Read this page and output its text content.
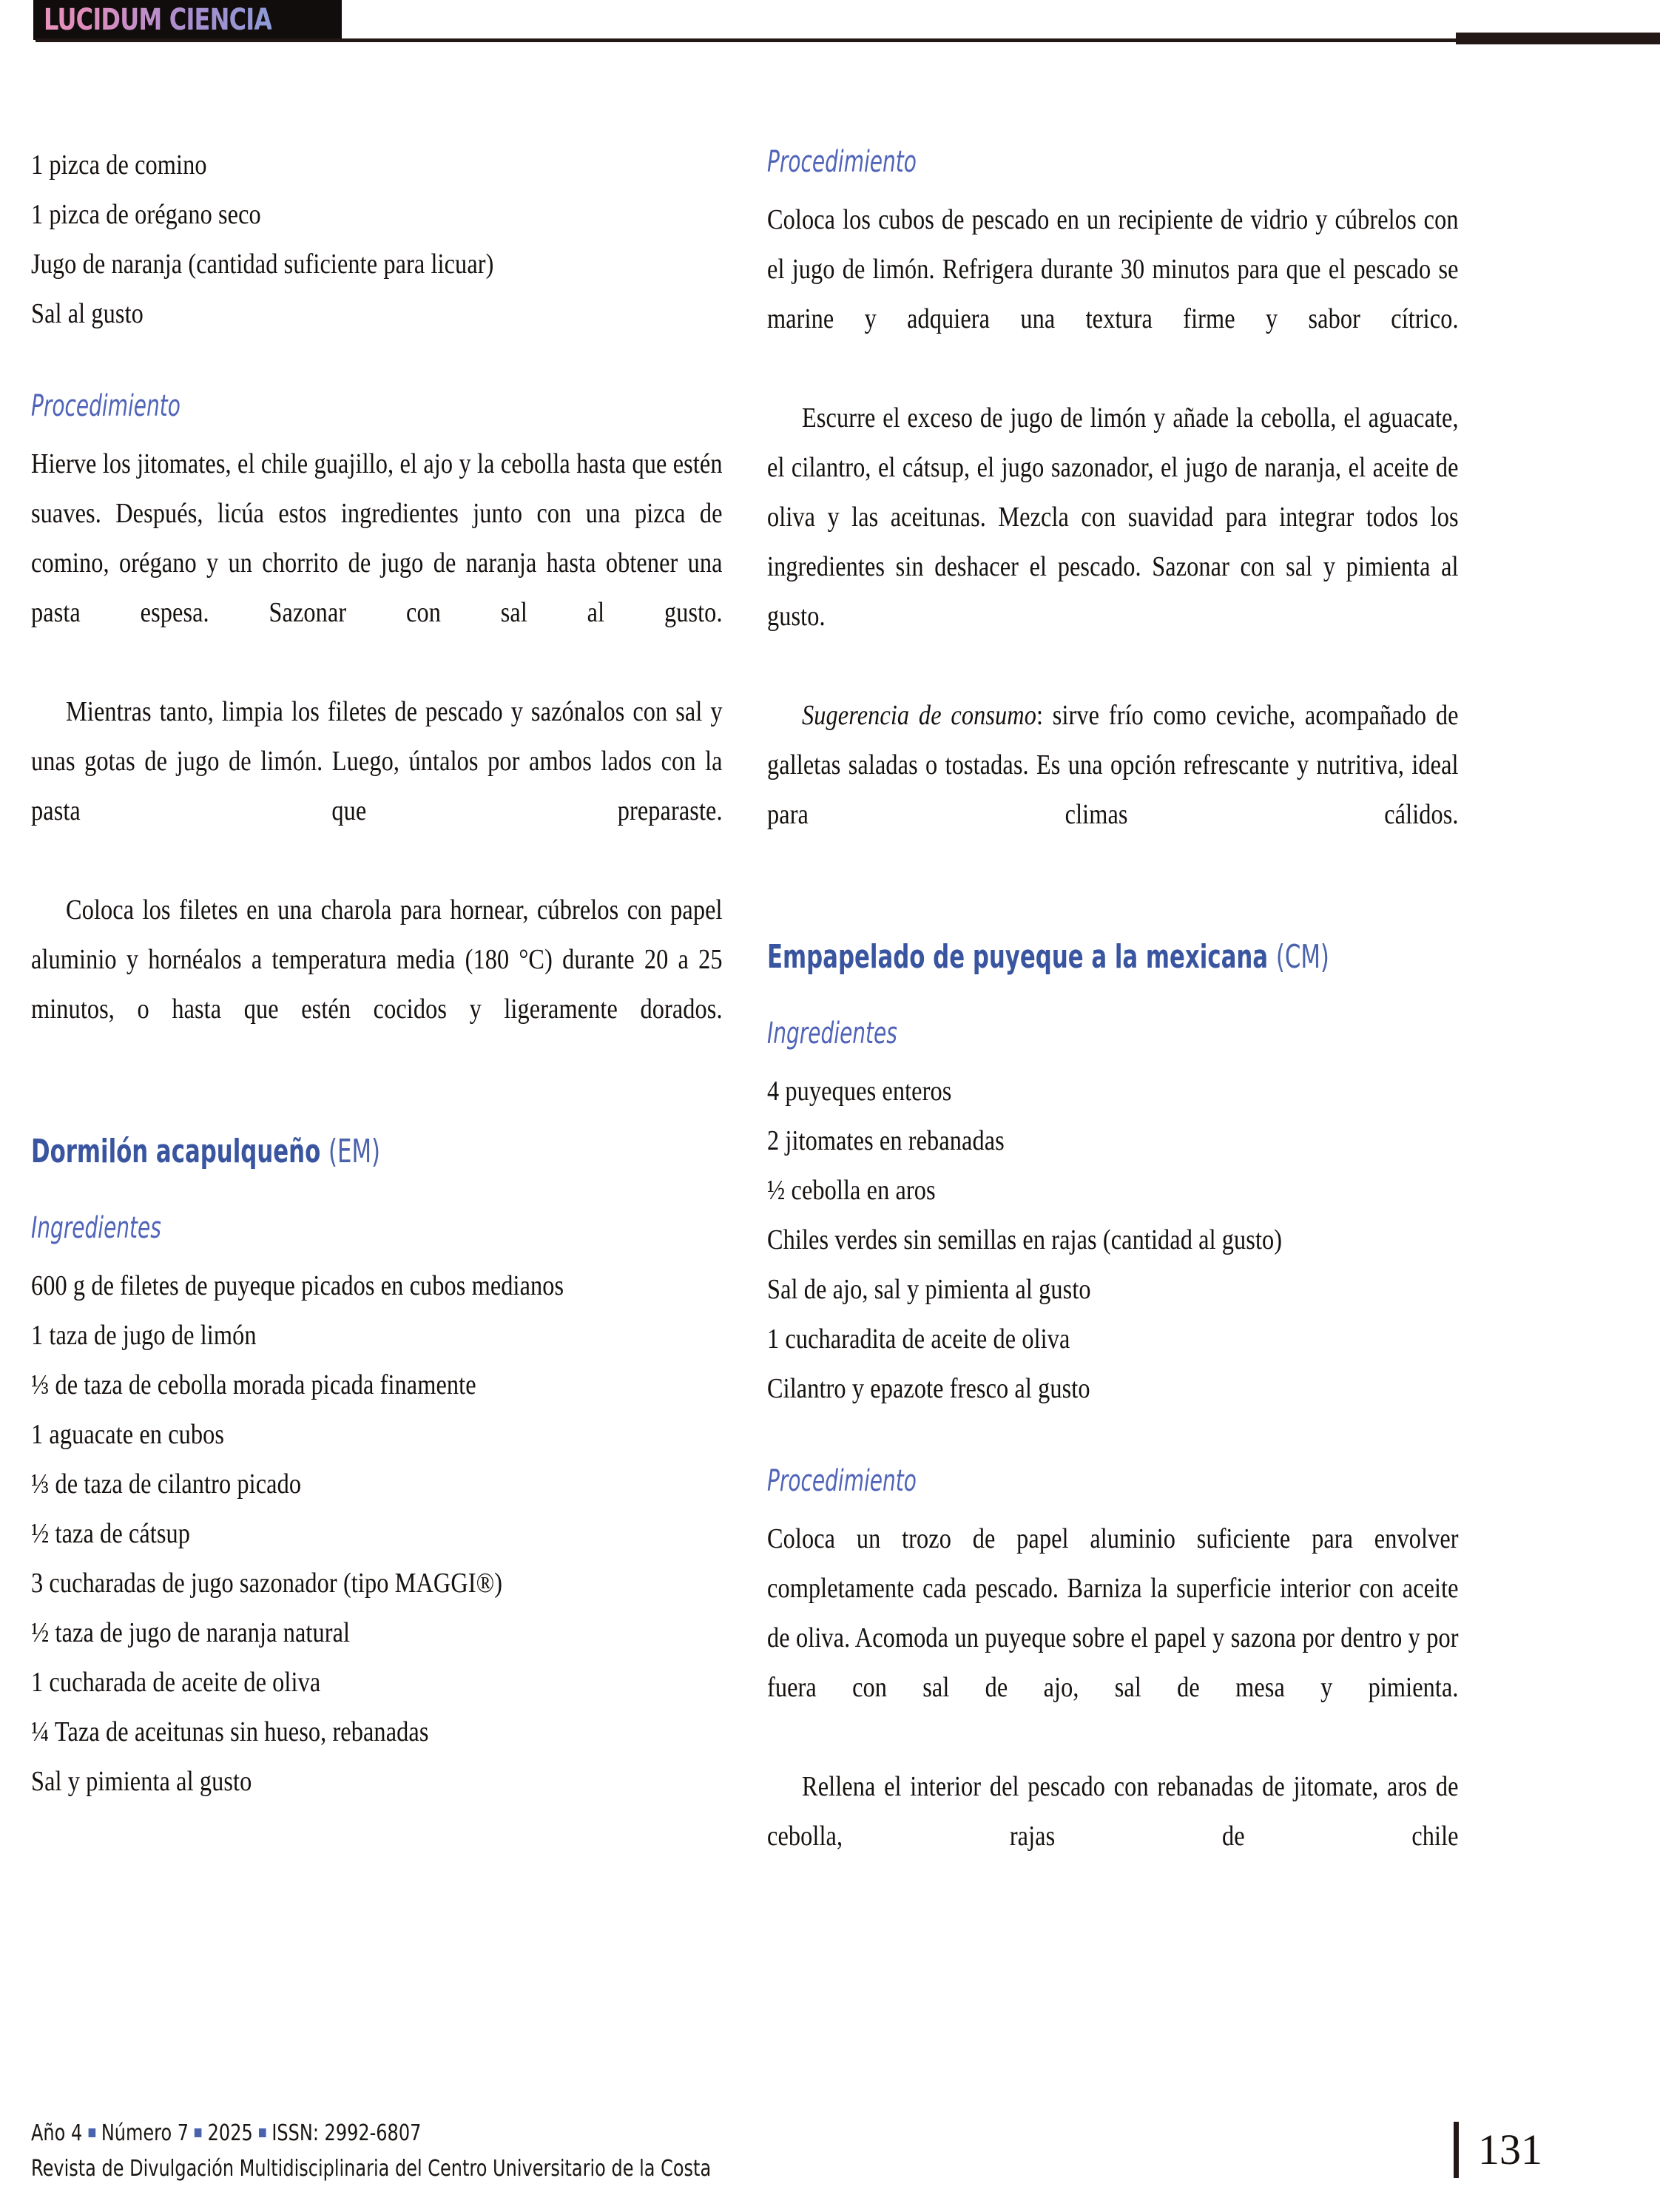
LUCIDUM CIENCIA

1 pizca de comino

1 pizca de orégano seco

Jugo de naranja (cantidad suficiente para licuar)

Sal al gusto

Procedimiento

Hierve los jitomates, el chile guajillo, el ajo y la cebolla hasta que estén suaves. Después, licúa estos ingredientes junto con una pizca de comino, orégano y un chorrito de jugo de naranja hasta obtener una pasta espesa. Sazonar con sal al gusto.

Mientras tanto, limpia los filetes de pescado y sazónalos con sal y unas gotas de jugo de limón. Luego, úntalos por ambos lados con la pasta que preparaste.

Coloca los filetes en una charola para hornear, cúbrelos con papel aluminio y hornéalos a temperatura media (180 °C) durante 20 a 25 minutos, o hasta que estén cocidos y ligeramente dorados.

Dormilón acapulqueño (EM)

Ingredientes

600 g de filetes de puyeque picados en cubos medianos

1 taza de jugo de limón

⅓ de taza de cebolla morada picada finamente

1 aguacate en cubos

⅓ de taza de cilantro picado

½ taza de cátsup

3 cucharadas de jugo sazonador (tipo MAGGI®)

½ taza de jugo de naranja natural

1 cucharada de aceite de oliva

¼ Taza de aceitunas sin hueso, rebanadas

Sal y pimienta al gusto

Procedimiento

Coloca los cubos de pescado en un recipiente de vidrio y cúbrelos con el jugo de limón. Refrigera durante 30 minutos para que el pescado se marine y adquiera una textura firme y sabor cítrico.

Escurre el exceso de jugo de limón y añade la cebolla, el aguacate, el cilantro, el cátsup, el jugo sazonador, el jugo de naranja, el aceite de oliva y las aceitunas. Mezcla con suavidad para integrar todos los ingredientes sin deshacer el pescado. Sazonar con sal y pimienta al gusto.

Sugerencia de consumo: sirve frío como ceviche, acompañado de galletas saladas o tostadas. Es una opción refrescante y nutritiva, ideal para climas cálidos.

Empapelado de puyeque a la mexicana (CM)

Ingredientes

4 puyeques enteros

2 jitomates en rebanadas

½ cebolla en aros

Chiles verdes sin semillas en rajas (cantidad al gusto)

Sal de ajo, sal y pimienta al gusto

1 cucharadita de aceite de oliva

Cilantro y epazote fresco al gusto

Procedimiento

Coloca un trozo de papel aluminio suficiente para envolver completamente cada pescado. Barniza la superficie interior con aceite de oliva. Acomoda un puyeque sobre el papel y sazona por dentro y por fuera con sal de ajo, sal de mesa y pimienta.

Rellena el interior del pescado con rebanadas de jitomate, aros de cebolla, rajas de chile

Año 4 Número 7 2025 ISSN: 2992-6807

Revista de Divulgación Multidisciplinaria del Centro Universitario de la Costa	131
